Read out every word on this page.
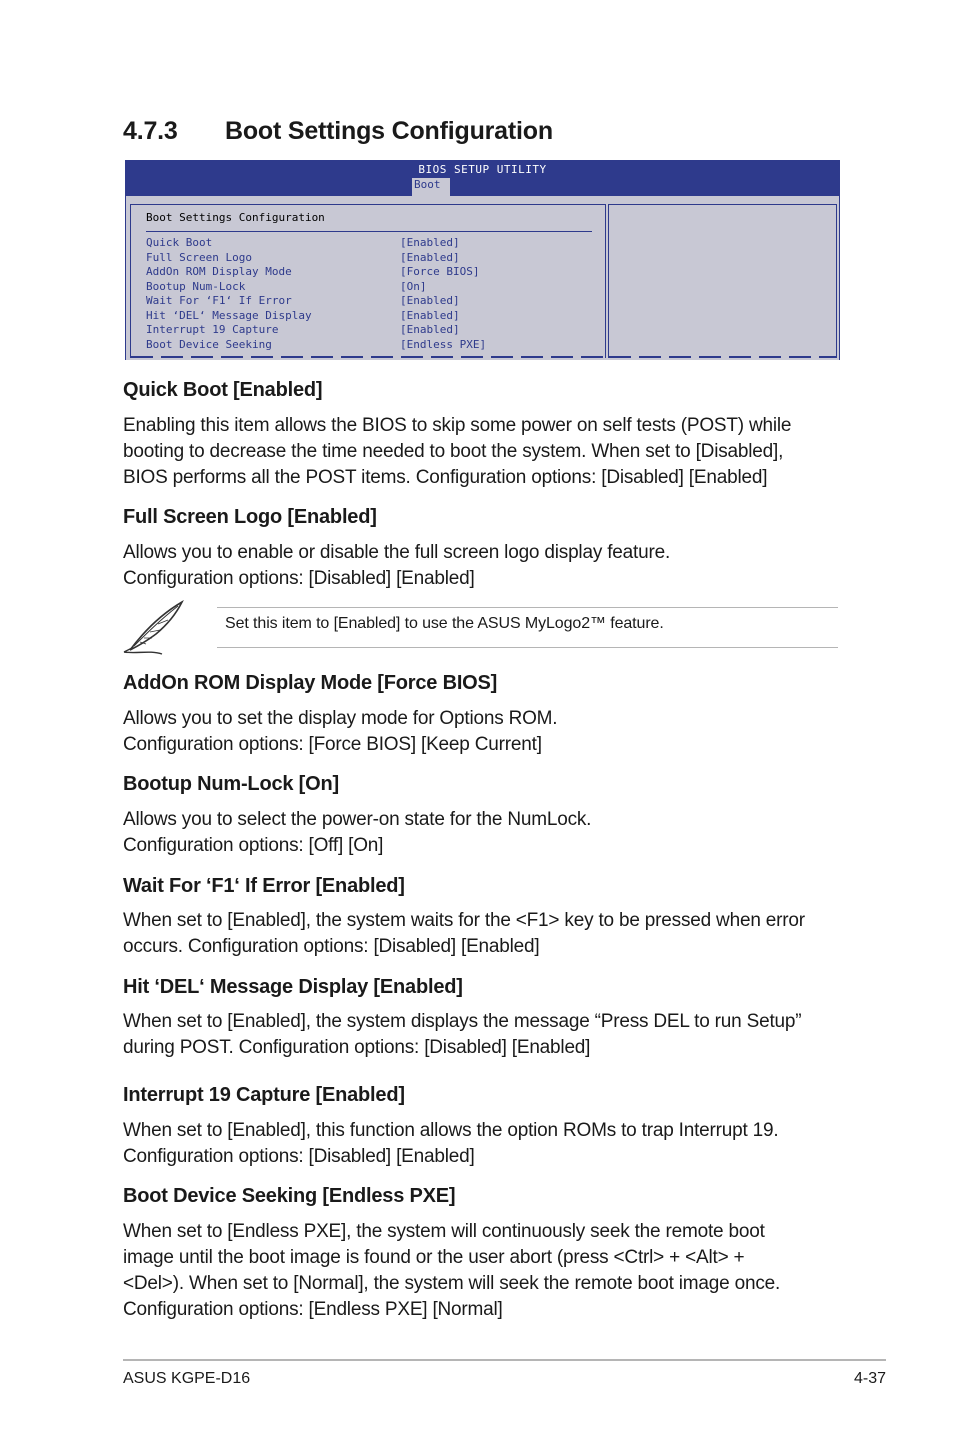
4.7.3 Boot Settings Configuration
BIOS SETUP UTILITY
Boot
Boot Settings Configuration
Quick Boot	[Enabled]
Full Screen Logo	[Enabled]
AddOn ROM Display Mode	[Force BIOS]
Bootup Num-Lock	[On]
Wait For ‘F1‘ If Error	[Enabled]
Hit ‘DEL‘ Message Display	[Enabled]
Interrupt 19 Capture	[Enabled]
Boot Device Seeking	[Endless PXE]
Quick Boot [Enabled]

Enabling this item allows the BIOS to skip some power on self tests (POST) while
booting to decrease the time needed to boot the system. When set to [Disabled],
BIOS performs all the POST items. Configuration options: [Disabled] [Enabled]

Full Screen Logo [Enabled]

Allows you to enable or disable the full screen logo display feature.
Configuration options: [Disabled] [Enabled]

Set this item to [Enabled] to use the ASUS MyLogo2™ feature.

AddOn ROM Display Mode [Force BIOS]

Allows you to set the display mode for Options ROM.
Configuration options: [Force BIOS] [Keep Current]

Bootup Num-Lock [On]

Allows you to select the power-on state for the NumLock.
Configuration options: [Off] [On]

Wait For ‘F1‘ If Error [Enabled]

When set to [Enabled], the system waits for the <F1> key to be pressed when error
occurs. Configuration options: [Disabled] [Enabled]

Hit ‘DEL‘ Message Display [Enabled]

When set to [Enabled], the system displays the message “Press DEL to run Setup”
during POST. Configuration options: [Disabled] [Enabled]

Interrupt 19 Capture [Enabled]

When set to [Enabled], this function allows the option ROMs to trap Interrupt 19.
Configuration options: [Disabled] [Enabled]

Boot Device Seeking [Endless PXE]

When set to [Endless PXE], the system will continuously seek the remote boot
image until the boot image is found or the user abort (press <Ctrl> + <Alt> +
<Del>). When set to [Normal], the system will seek the remote boot image once.
Configuration options: [Endless PXE] [Normal]

ASUS KGPE-D16	4-37
